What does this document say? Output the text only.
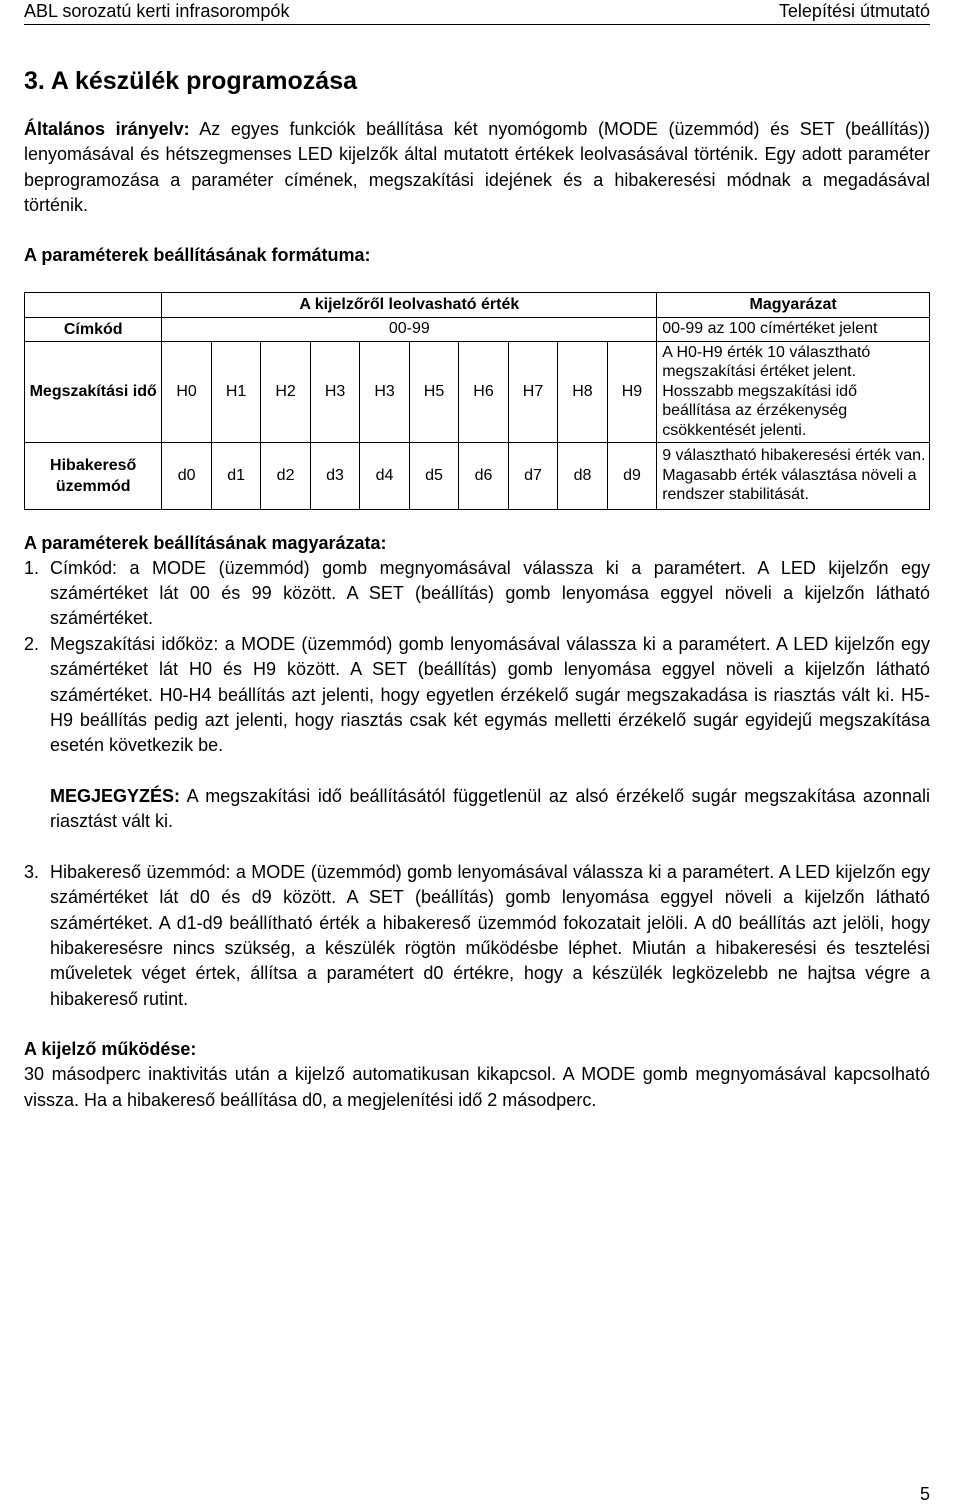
ABL sorozatú kerti infrasorompók	Telepítési útmutató
3. A készülék programozása

Általános irányelv: Az egyes funkciók beállítása két nyomógomb (MODE (üzemmód) és SET (beállítás)) lenyomásával és hétszegmenses LED kijelzők által mutatott értékek leolvasásával történik. Egy adott paraméter beprogramozása a paraméter címének, megszakítási idejének és a hibakeresési módnak a megadásával történik.

A paraméterek beállításának formátuma:
	A kijelzőről leolvasható érték										Magyarázat
Címkód	00-99										00-99 az 100 címértéket jelent
Megszakítási idő	H0	H1	H2	H3	H3	H5	H6	H7	H8	H9	A H0-H9 érték 10 választható megszakítási értéket jelent. Hosszabb megszakítási idő beállítása az érzékenység csökkentését jelenti.
Hibakereső üzemmód	d0	d1	d2	d3	d4	d5	d6	d7	d8	d9	9 választható hibakeresési érték van. Magasabb érték választása növeli a rendszer stabilitását.
A paraméterek beállításának magyarázata:
1. Címkód: a MODE (üzemmód) gomb megnyomásával válassza ki a paramétert. A LED kijelzőn egy számértéket lát 00 és 99 között. A SET (beállítás) gomb lenyomása eggyel növeli a kijelzőn látható számértéket.
2. Megszakítási időköz: a MODE (üzemmód) gomb lenyomásával válassza ki a paramétert. A LED kijelzőn egy számértéket lát H0 és H9 között. A SET (beállítás) gomb lenyomása eggyel növeli a kijelzőn látható számértéket. H0-H4 beállítás azt jelenti, hogy egyetlen érzékelő sugár megszakadása is riasztás vált ki. H5-H9 beállítás pedig azt jelenti, hogy riasztás csak két egymás melletti érzékelő sugár egyidejű megszakítása esetén következik be.
MEGJEGYZÉS: A megszakítási idő beállításától függetlenül az alsó érzékelő sugár megszakítása azonnali riasztást vált ki.
3. Hibakereső üzemmód: a MODE (üzemmód) gomb lenyomásával válassza ki a paramétert. A LED kijelzőn egy számértéket lát d0 és d9 között. A SET (beállítás) gomb lenyomása eggyel növeli a kijelzőn látható számértéket. A d1-d9 beállítható érték a hibakereső üzemmód fokozatait jelöli. A d0 beállítás azt jelöli, hogy hibakeresésre nincs szükség, a készülék rögtön működésbe léphet. Miután a hibakeresési és tesztelési műveletek véget értek, állítsa a paramétert d0 értékre, hogy a készülék legközelebb ne hajtsa végre a hibakereső rutint.
A kijelző működése:

30 másodperc inaktivitás után a kijelző automatikusan kikapcsol. A MODE gomb megnyomásával kapcsolható vissza. Ha a hibakereső beállítása d0, a megjelenítési idő 2 másodperc.

5
